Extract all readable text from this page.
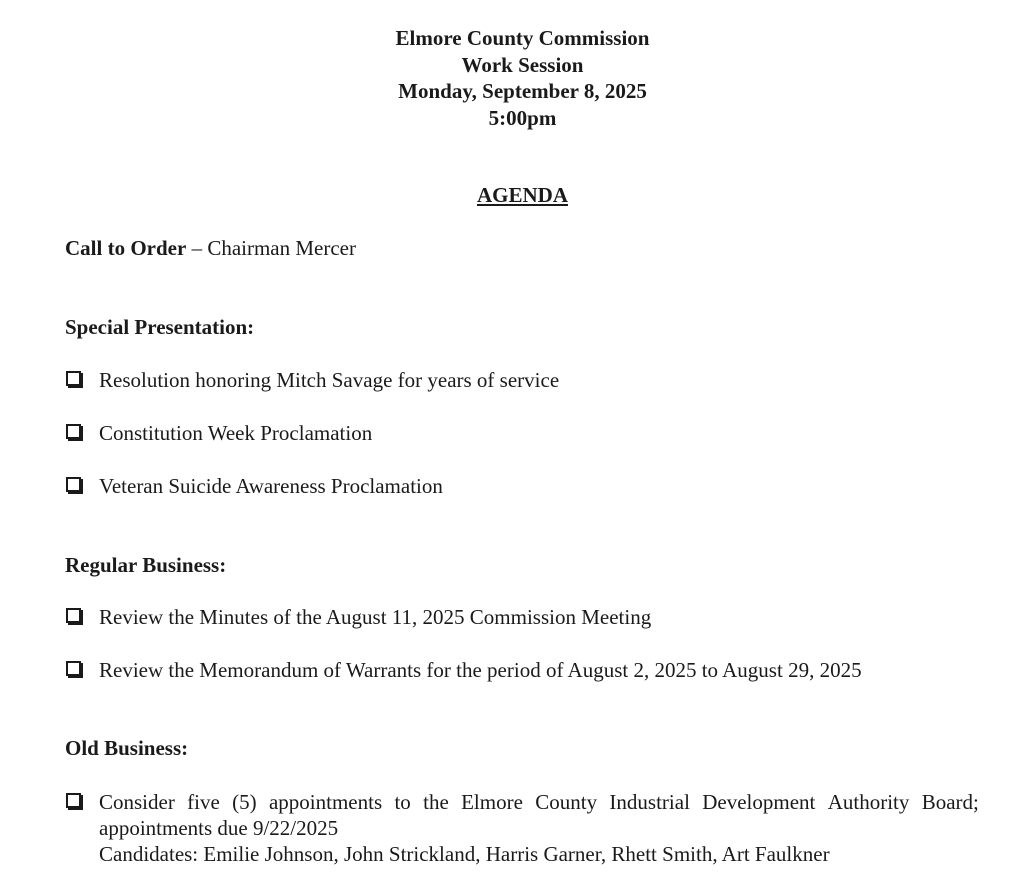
Elmore County Commission
Work Session
Monday, September 8, 2025
5:00pm
AGENDA
Call to Order – Chairman Mercer
Special Presentation:
Resolution honoring Mitch Savage for years of service
Constitution Week Proclamation
Veteran Suicide Awareness Proclamation
Regular Business:
Review the Minutes of the August 11, 2025 Commission Meeting
Review the Memorandum of Warrants for the period of August 2, 2025 to August 29, 2025
Old Business:
Consider five (5) appointments to the Elmore County Industrial Development Authority Board;
appointments due 9/22/2025
Candidates: Emilie Johnson, John Strickland, Harris Garner, Rhett Smith, Art Faulkner
